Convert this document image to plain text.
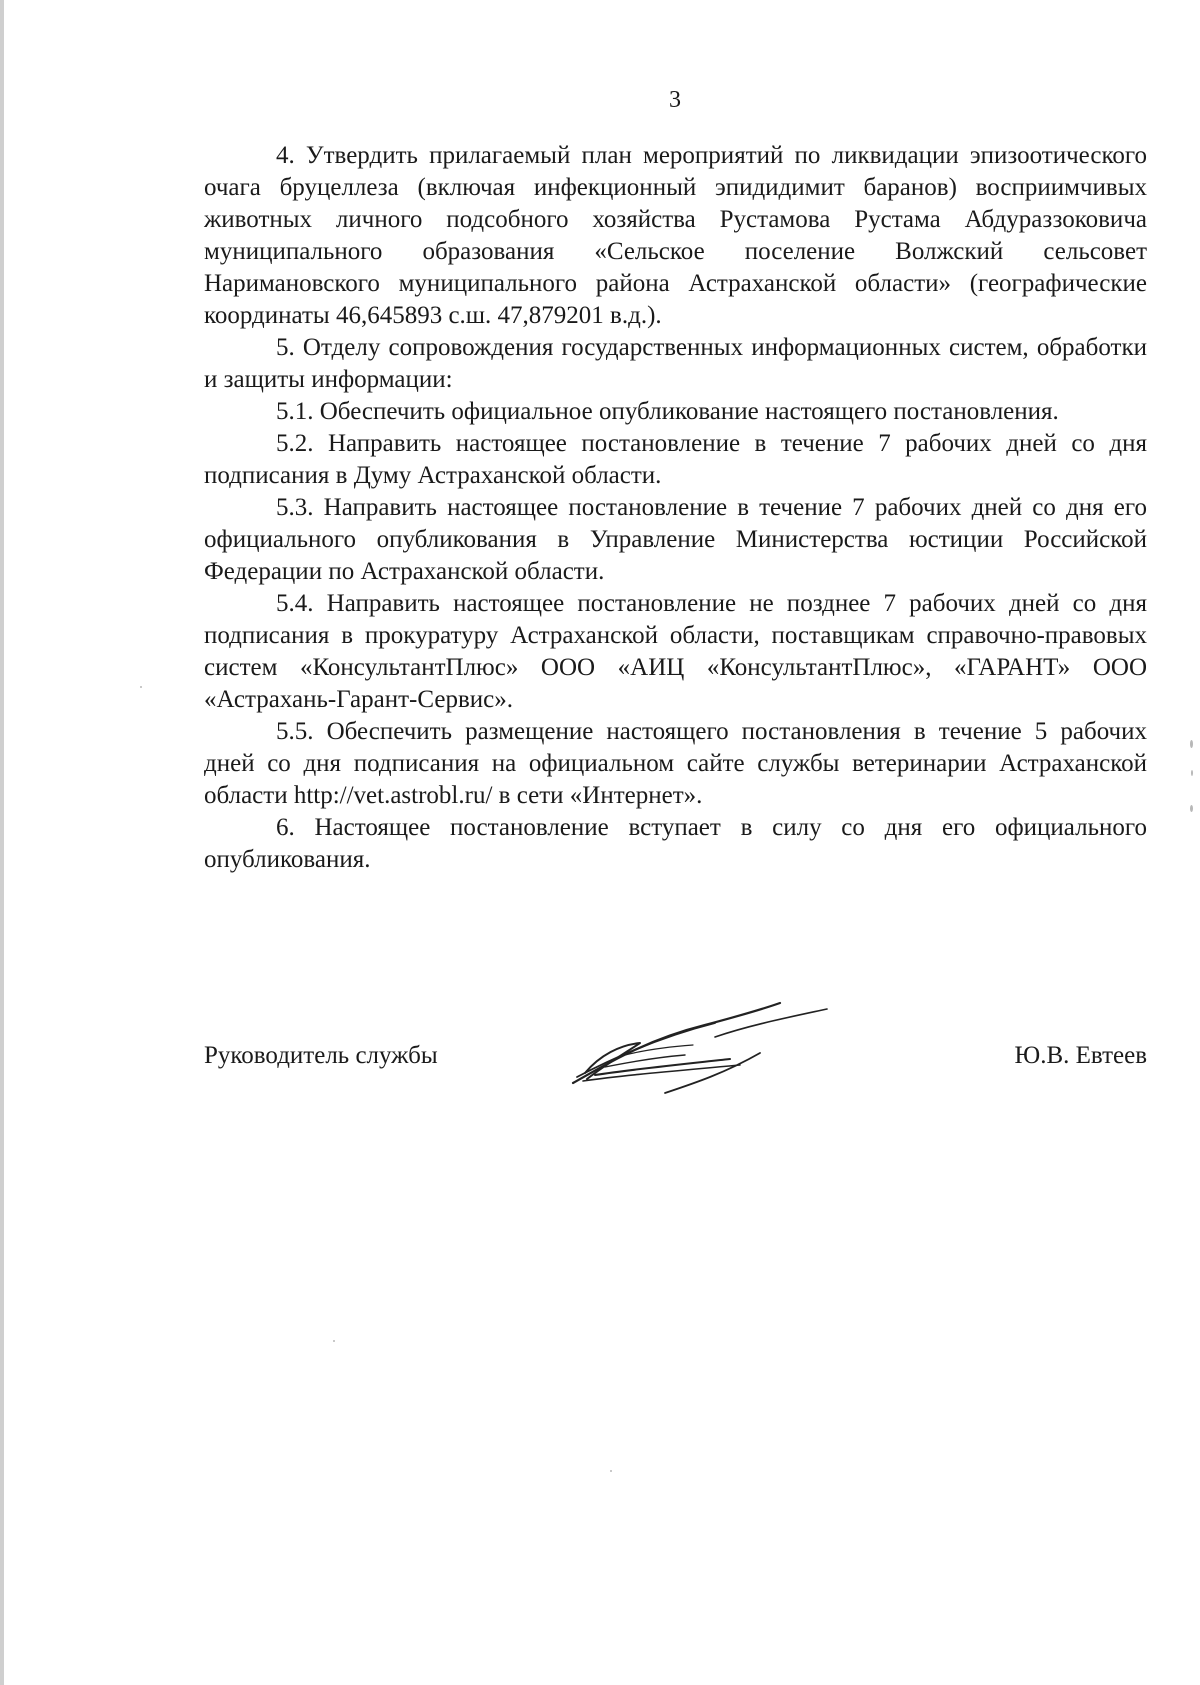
3

4. Утвердить прилагаемый план мероприятий по ликвидации эпизоотического очага бруцеллеза (включая инфекционный эпидидимит баранов) восприимчивых животных личного подсобного хозяйства Рустамова Рустама Абдураззоковича муниципального образования «Сельское поселение Волжский сельсовет Наримановского муниципального района Астраханской области» (географические координаты 46,645893 с.ш. 47,879201 в.д.).

5. Отделу сопровождения государственных информационных систем, обработки и защиты информации:

5.1. Обеспечить официальное опубликование настоящего постановления.

5.2. Направить настоящее постановление в течение 7 рабочих дней со дня подписания в Думу Астраханской области.

5.3. Направить настоящее постановление в течение 7 рабочих дней со дня его официального опубликования в Управление Министерства юстиции Российской Федерации по Астраханской области.

5.4. Направить настоящее постановление не позднее 7 рабочих дней со дня подписания в прокуратуру Астраханской области, поставщикам справочно-правовых систем «КонсультантПлюс» ООО «АИЦ «КонсультантПлюс», «ГАРАНТ» ООО «Астрахань-Гарант-Сервис».

5.5. Обеспечить размещение настоящего постановления в течение 5 рабочих дней со дня подписания на официальном сайте службы ветеринарии Астраханской области http://vet.astrobl.ru/ в сети «Интернет».

6. Настоящее постановление вступает в силу со дня его официального опубликования.

Руководитель службы	Ю.В. Евтеев
